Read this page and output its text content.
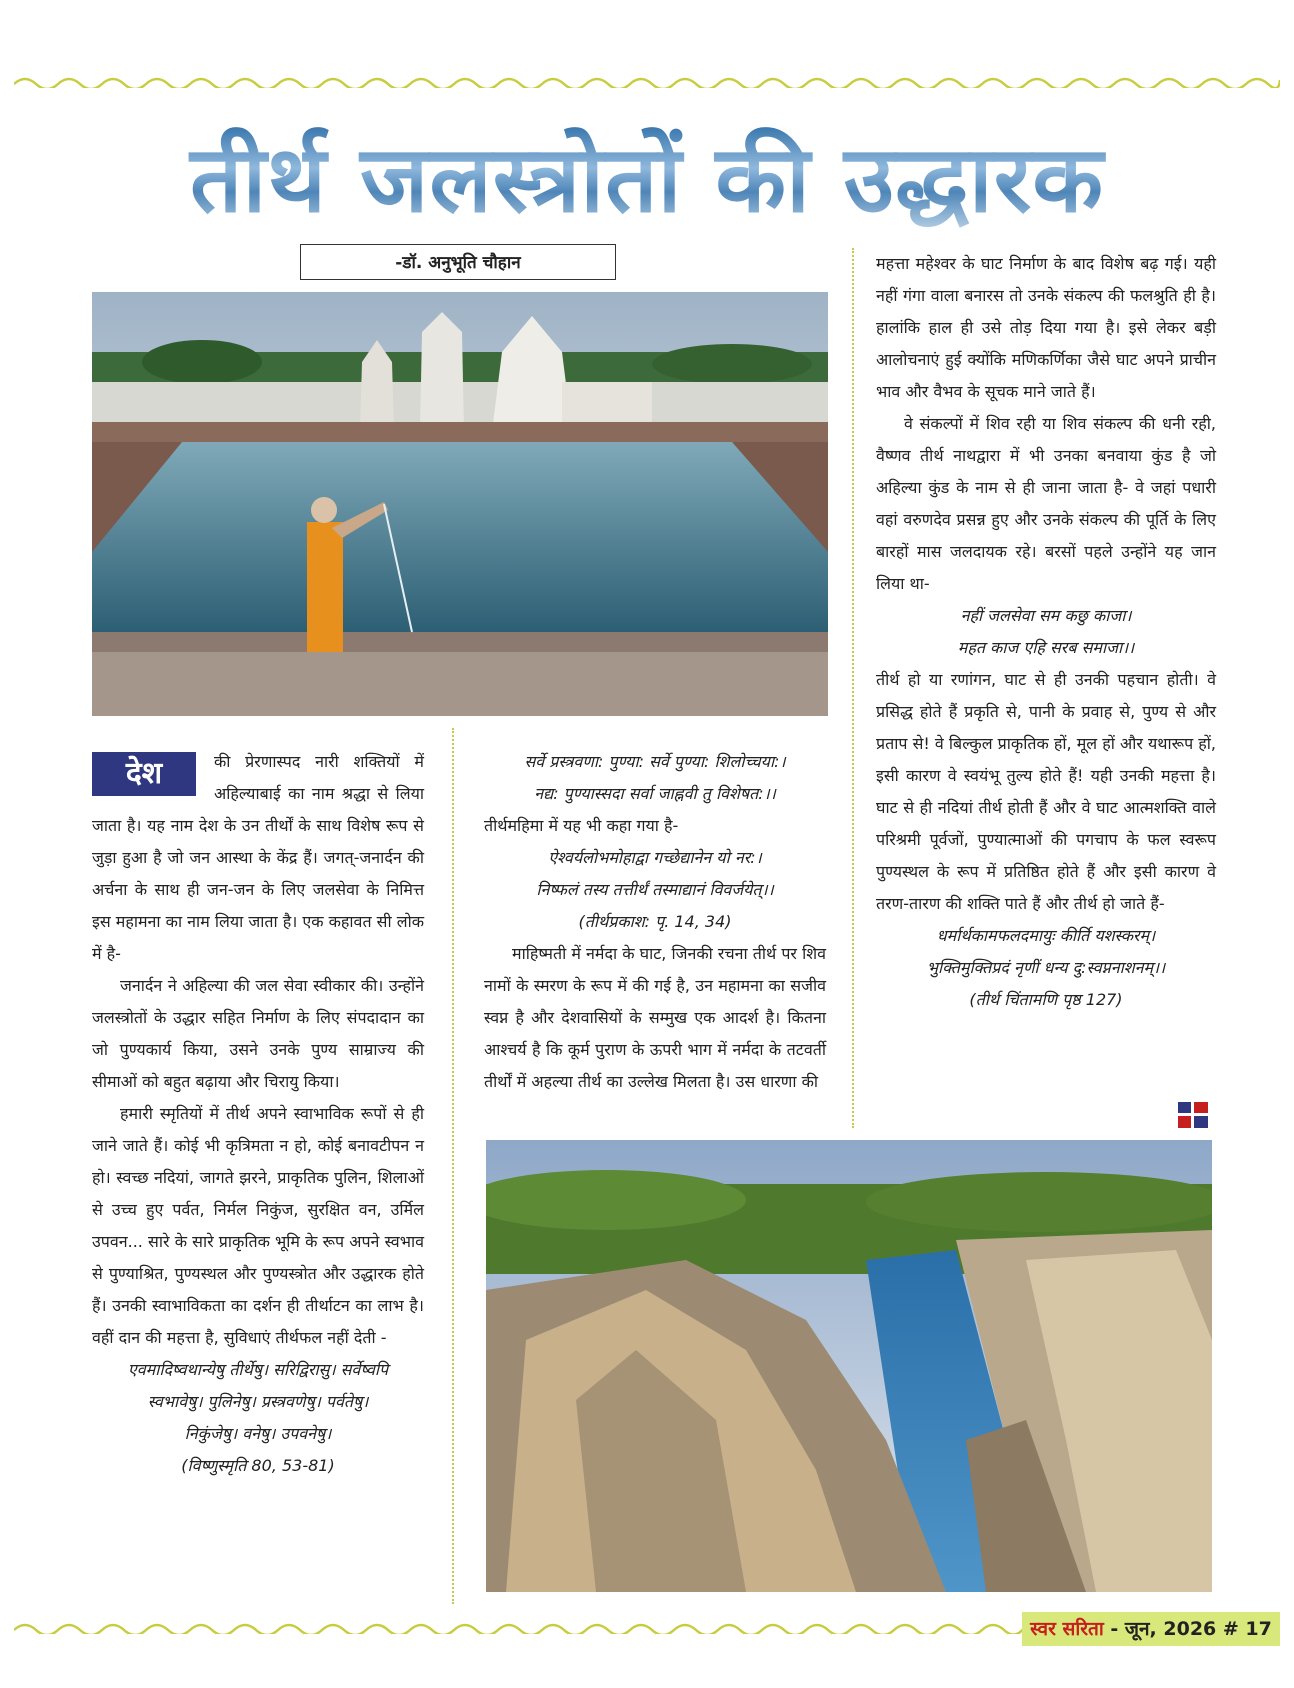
तीर्थ जलस्त्रोतों की उद्धारक
-डॉ. अनुभूति चौहान
देश	की प्रेरणास्पद नारी शक्तियों में अहिल्याबाई का नाम श्रद्धा से लिया जाता है। यह नाम देश के उन तीर्थों के साथ विशेष रूप से जुड़ा हुआ है जो जन आस्था के केंद्र हैं। जगत्-जनार्दन की अर्चना के साथ ही जन-जन के लिए जलसेवा के निमित्त इस महामना का नाम लिया जाता है। एक कहावत सी लोक में है-

जनार्दन ने अहिल्या की जल सेवा स्वीकार की। उन्होंने जलस्त्रोतों के उद्धार सहित निर्माण के लिए संपदादान का जो पुण्यकार्य किया, उसने उनके पुण्य साम्राज्य की सीमाओं को बहुत बढ़ाया और चिरायु किया।

हमारी स्मृतियों में तीर्थ अपने स्वाभाविक रूपों से ही जाने जाते हैं। कोई भी कृत्रिमता न हो, कोई बनावटीपन न हो। स्वच्छ नदियां, जागते झरने, प्राकृतिक पुलिन, शिलाओं से उच्च हुए पर्वत, निर्मल निकुंज, सुरक्षित वन, उर्मिल उपवन... सारे के सारे प्राकृतिक भूमि के रूप अपने स्वभाव से पुण्याश्रित, पुण्यस्थल और पुण्यस्त्रोत और उद्धारक होते हैं। उनकी स्वाभाविकता का दर्शन ही तीर्थाटन का लाभ है। वहीं दान की महत्ता है, सुविधाएं तीर्थफल नहीं देती -

एवमादिष्वथान्येषु तीर्थेषु। सरिद्विरासु। सर्वेष्वपि

स्वभावेषु। पुलिनेषु। प्रस्त्रवणेषु। पर्वतेषु।

निकुंजेषु। वनेषु। उपवनेषु।

(विष्णुस्मृति 80, 53-81)

सर्वे प्रस्त्रवणा: पुण्या: सर्वे पुण्या: शिलोच्चया:।

नद्य: पुण्यास्सदा सर्वा जाह्नवी तु विशेषत:।।

तीर्थमहिमा में यह भी कहा गया है-

ऐश्वर्यलोभमोहाद्वा गच्छेद्यानेन यो नर:।

निष्फलं तस्य तत्तीर्थं तस्माद्यानं विवर्जयेत्।।

(तीर्थप्रकाश: पृ. 14, 34)

माहिष्मती में नर्मदा के घाट, जिनकी रचना तीर्थ पर शिव नामों के स्मरण के रूप में की गई है, उन महामना का सजीव स्वप्न है और देशवासियों के सम्मुख एक आदर्श है। कितना आश्चर्य है कि कूर्म पुराण के ऊपरी भाग में नर्मदा के तटवर्ती तीर्थों में अहल्या तीर्थ का उल्लेख मिलता है। उस धारणा की

महत्ता महेश्वर के घाट निर्माण के बाद विशेष बढ़ गई। यही नहीं गंगा वाला बनारस तो उनके संकल्प की फलश्रुति ही है। हालांकि हाल ही उसे तोड़ दिया गया है। इसे लेकर बड़ी आलोचनाएं हुई क्योंकि मणिकर्णिका जैसे घाट अपने प्राचीन भाव और वैभव के सूचक माने जाते हैं।

वे संकल्पों में शिव रही या शिव संकल्प की धनी रही, वैष्णव तीर्थ नाथद्वारा में भी उनका बनवाया कुंड है जो अहिल्या कुंड के नाम से ही जाना जाता है- वे जहां पधारी वहां वरुणदेव प्रसन्न हुए और उनके संकल्प की पूर्ति के लिए बारहों मास जलदायक रहे। बरसों पहले उन्होंने यह जान लिया था-

नहीं जलसेवा सम कछु काजा।

महत काज एहि सरब समाजा।।

तीर्थ हो या रणांगन, घाट से ही उनकी पहचान होती। वे प्रसिद्ध होते हैं प्रकृति से, पानी के प्रवाह से, पुण्य से और प्रताप से! वे बिल्कुल प्राकृतिक हों, मूल हों और यथारूप हों, इसी कारण वे स्वयंभू तुल्य होते हैं! यही उनकी महत्ता है। घाट से ही नदियां तीर्थ होती हैं और वे घाट आत्मशक्ति वाले परिश्रमी पूर्वजों, पुण्यात्माओं की पगचाप के फल स्वरूप पुण्यस्थल के रूप में प्रतिष्ठित होते हैं और इसी कारण वे तरण-तारण की शक्ति पाते हैं और तीर्थ हो जाते हैं-

धर्मार्थकामफलदमायुः कीर्ति यशस्करम्।

भुक्तिमुक्तिप्रदं नृणीं धन्य दु:स्वप्ननाशनम्।।

(तीर्थ चिंतामणि पृष्ठ 127)

स्वर सरिता - जून, 2026 # 17
